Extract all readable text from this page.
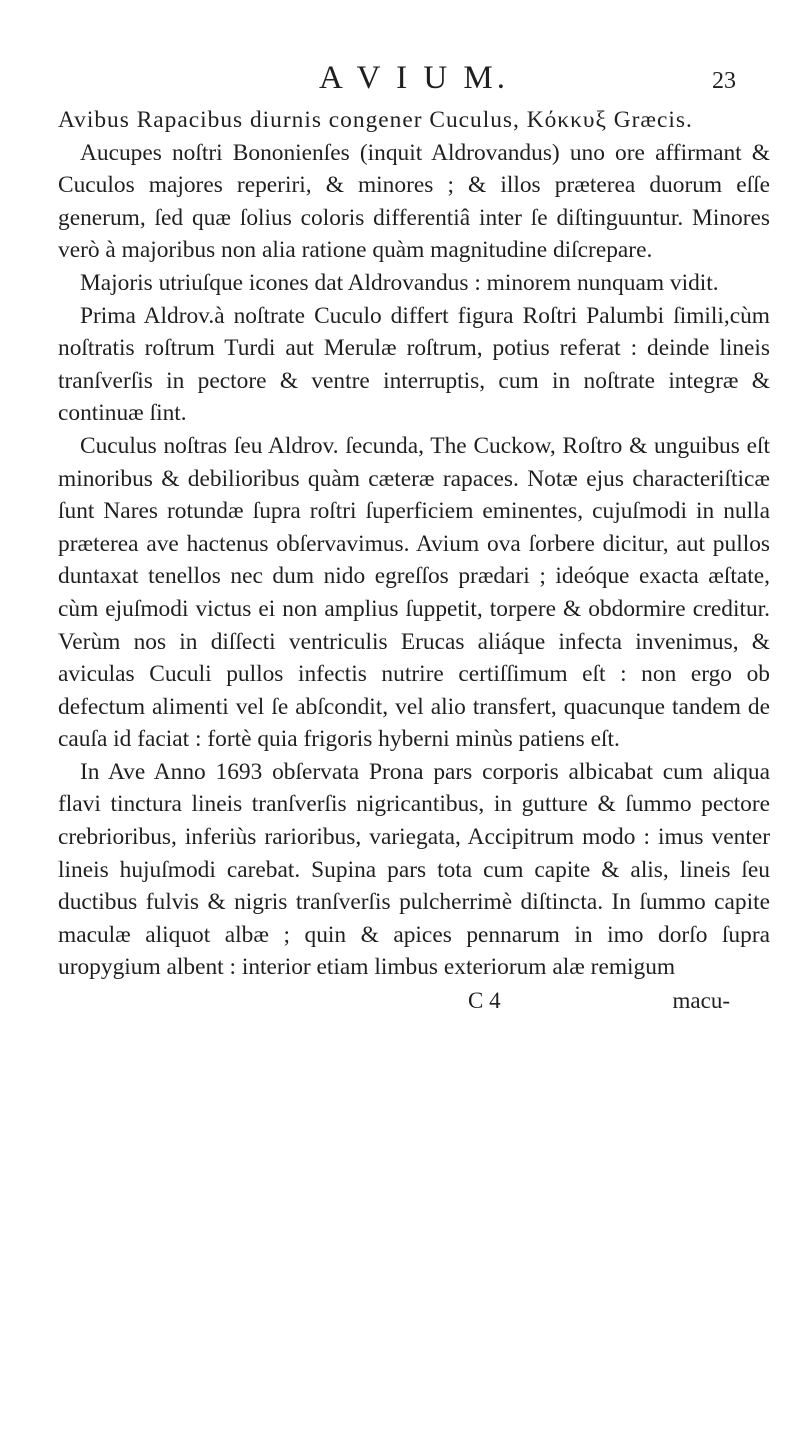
A V I U M.	23

Avibus Rapacibus diurnis congener Cuculus, Κόκκυξ Græcis.

Aucupes noſtri Bononienſes (inquit Aldrovandus) uno ore affirmant & Cuculos majores reperiri, & minores ; & illos præterea duorum eſſe generum, ſed quæ ſolius coloris differentiâ inter ſe diſtinguuntur. Minores verò à majoribus non alia ratione quàm magnitudine diſcrepare.

Majoris utriuſque icones dat Aldrovandus : minorem nunquam vidit.

Prima Aldrov.à noſtrate Cuculo differt figura Roſtri Palumbi ſimili,cùm noſtratis roſtrum Turdi aut Merulæ roſtrum, potius referat : deinde lineis tranſverſis in pectore & ventre interruptis, cum in noſtrate integræ & continuæ ſint.

Cuculus noſtras ſeu Aldrov. ſecunda, The Cuckow, Roſtro & unguibus eſt minoribus & debilioribus quàm cæteræ rapaces. Notæ ejus characteriſticæ ſunt Nares rotundæ ſupra roſtri ſuperficiem eminentes, cujuſmodi in nulla præterea ave hactenus obſervavimus. Avium ova ſorbere dicitur, aut pullos duntaxat tenellos nec dum nido egreſſos prædari ; ideóque exacta æſtate, cùm ejuſmodi victus ei non amplius ſuppetit, torpere & obdormire creditur. Verùm nos in diſſecti ventriculis Erucas aliáque infecta invenimus, & aviculas Cuculi pullos infectis nutrire certiſſimum eſt : non ergo ob defectum alimenti vel ſe abſcondit, vel alio transfert, quacunque tandem de cauſa id faciat : fortè quia frigoris hyberni minùs patiens eſt.

In Ave Anno 1693 obſervata Prona pars corporis albicabat cum aliqua flavi tinctura lineis tranſverſis nigricantibus, in gutture & ſummo pectore crebrioribus, inferiùs rarioribus, variegata, Accipitrum modo : imus venter lineis hujuſmodi carebat. Supina pars tota cum capite & alis, lineis ſeu ductibus fulvis & nigris tranſverſis pulcherrimè diſtincta. In ſummo capite maculæ aliquot albæ ; quin & apices pennarum in imo dorſo ſupra uropygium albent : interior etiam limbus exteriorum alæ remigum

C 4	macu-
